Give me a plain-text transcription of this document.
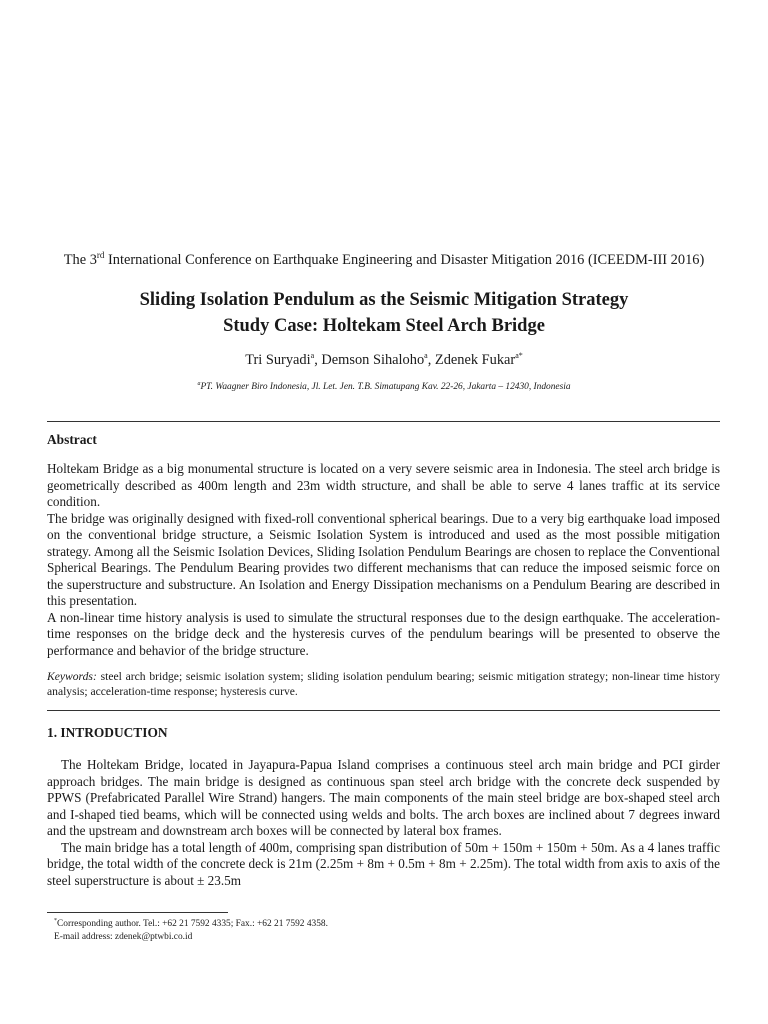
The 3rd International Conference on Earthquake Engineering and Disaster Mitigation 2016 (ICEEDM-III 2016)
Sliding Isolation Pendulum as the Seismic Mitigation Strategy
Study Case: Holtekam Steel Arch Bridge
Tri Suryadi$^a$, Demson Sihaloho$^a$, Zdenek Fukar$^{a*}$
$^a$PT. Waagner Biro Indonesia, Jl. Let. Jen. T.B. Simatupang Kav. 22-26, Jakarta – 12430, Indonesia
Abstract

Holtekam Bridge as a big monumental structure is located on a very severe seismic area in Indonesia. The steel arch bridge is geometrically described as 400m length and 23m width structure, and shall be able to serve 4 lanes traffic at its service condition.

The bridge was originally designed with fixed-roll conventional spherical bearings. Due to a very big earthquake load imposed on the conventional bridge structure, a Seismic Isolation System is introduced and used as the most possible mitigation strategy. Among all the Seismic Isolation Devices, Sliding Isolation Pendulum Bearings are chosen to replace the Conventional Spherical Bearings. The Pendulum Bearing provides two different mechanisms that can reduce the imposed seismic force on the superstructure and substructure. An Isolation and Energy Dissipation mechanisms on a Pendulum Bearing are described in this presentation.

A non-linear time history analysis is used to simulate the structural responses due to the design earthquake. The acceleration-time responses on the bridge deck and the hysteresis curves of the pendulum bearings will be presented to observe the performance and behavior of the bridge structure.

Keywords: steel arch bridge; seismic isolation system; sliding isolation pendulum bearing; seismic mitigation strategy; non-linear time history analysis; acceleration-time response; hysteresis curve.
1. INTRODUCTION

The Holtekam Bridge, located in Jayapura-Papua Island comprises a continuous steel arch main bridge and PCI girder approach bridges. The main bridge is designed as continuous span steel arch bridge with the concrete deck suspended by PPWS (Prefabricated Parallel Wire Strand) hangers. The main components of the main steel bridge are box-shaped steel arch and I-shaped tied beams, which will be connected using welds and bolts. The arch boxes are inclined about 7 degrees inward and the upstream and downstream arch boxes will be connected by lateral box frames.

The main bridge has a total length of 400m, comprising span distribution of 50m + 150m + 150m + 50m. As a 4 lanes traffic bridge, the total width of the concrete deck is 21m (2.25m + 8m + 0.5m + 8m + 2.25m). The total width from axis to axis of the steel superstructure is about ± 23.5m

*Corresponding author. Tel.: +62 21 7592 4335; Fax.: +62 21 7592 4358.
E-mail address: zdenek@ptwbi.co.id
